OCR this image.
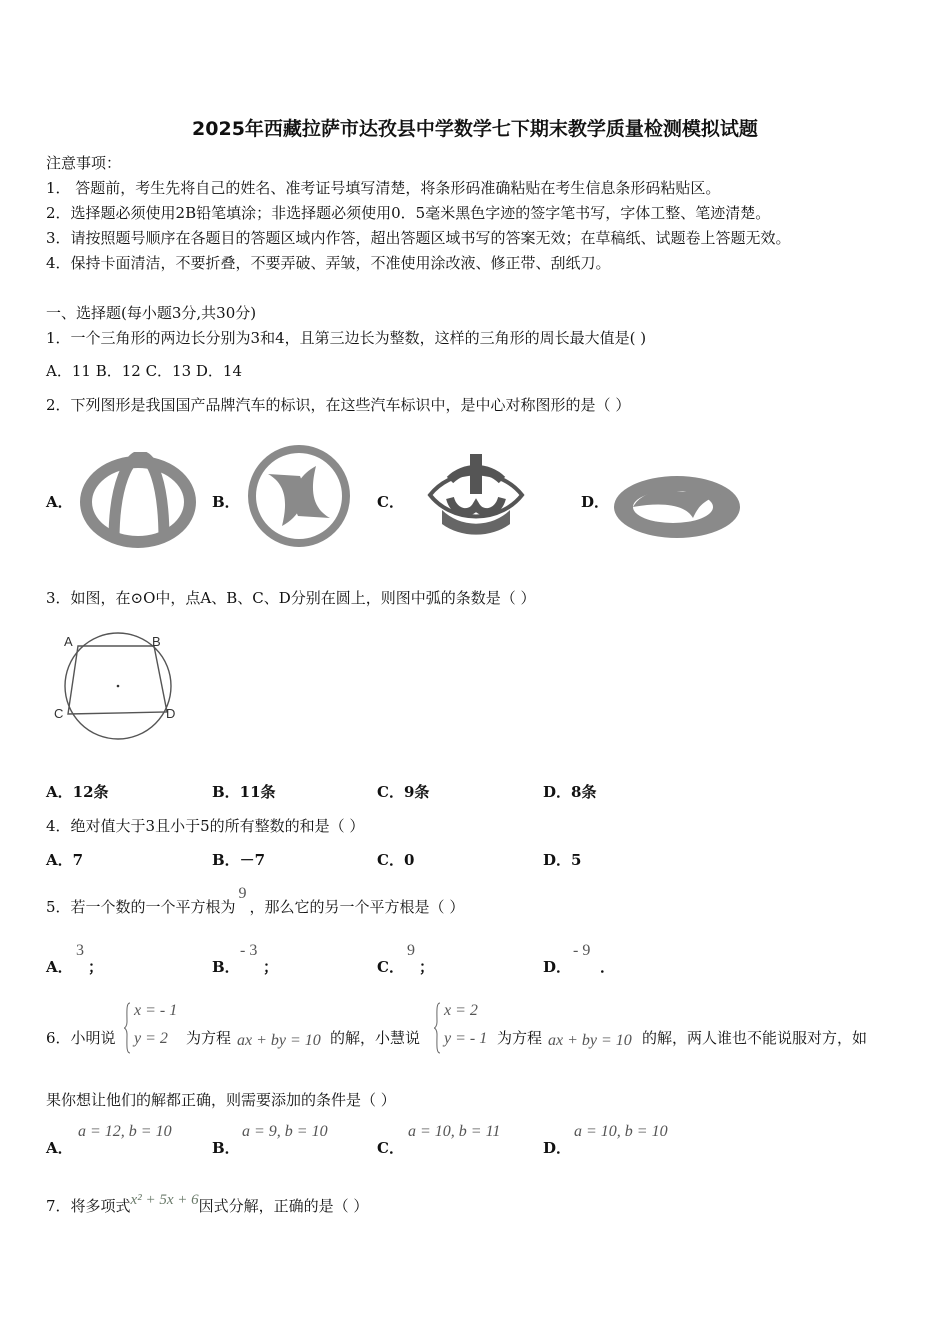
2025年西藏拉萨市达孜县中学数学七下期末教学质量检测模拟试题
注意事项：
1． 答题前，考生先将自己的姓名、准考证号填写清楚，将条形码准确粘贴在考生信息条形码粘贴区。
2．选择题必须使用2B铅笔填涂；非选择题必须使用0．5毫米黑色字迹的签字笔书写，字体工整、笔迹清楚。
3．请按照题号顺序在各题目的答题区域内作答，超出答题区域书写的答案无效；在草稿纸、试题卷上答题无效。
4．保持卡面清洁，不要折叠，不要弄破、弄皱，不准使用涂改液、修正带、刮纸刀。
一、选择题(每小题3分,共30分)
1．一个三角形的两边长分别为3和4，且第三边长为整数，这样的三角形的周长最大值是( )
A．11 B．12 C．13 D．14
2．下列图形是我国国产品牌汽车的标识，在这些汽车标识中，是中心对称图形的是（ ）
A．	B．	C．	D．
3．如图，在⊙O中，点A、B、C、D分别在圆上，则图中弧的条数是（ ）
A	B
C	D
A．12条	B．11条	C．9条	D．8条
4．绝对值大于3且小于5的所有整数的和是（ ）
A．7	B．－7	C．0	D．5
5．若一个数的一个平方根为9，那么它的另一个平方根是（ ）
A．
3
；	B．
- 3
；	C．
9
；	D．
- 9
．
6．小明说
x = - 1
y = 2 为方程 ax + by = 10 的解，小慧说
x = 2
y = - 1 为方程 ax + by = 10 的解，两人谁也不能说服对方，如
果你想让他们的解都正确，则需要添加的条件是（ ）
A．
a = 12, b = 10
B．
a = 9, b = 10
C．
a = 10, b = 11
D．
a = 10, b = 10
7．将多项式x² + 5x + 6因式分解，正确的是（ ）
